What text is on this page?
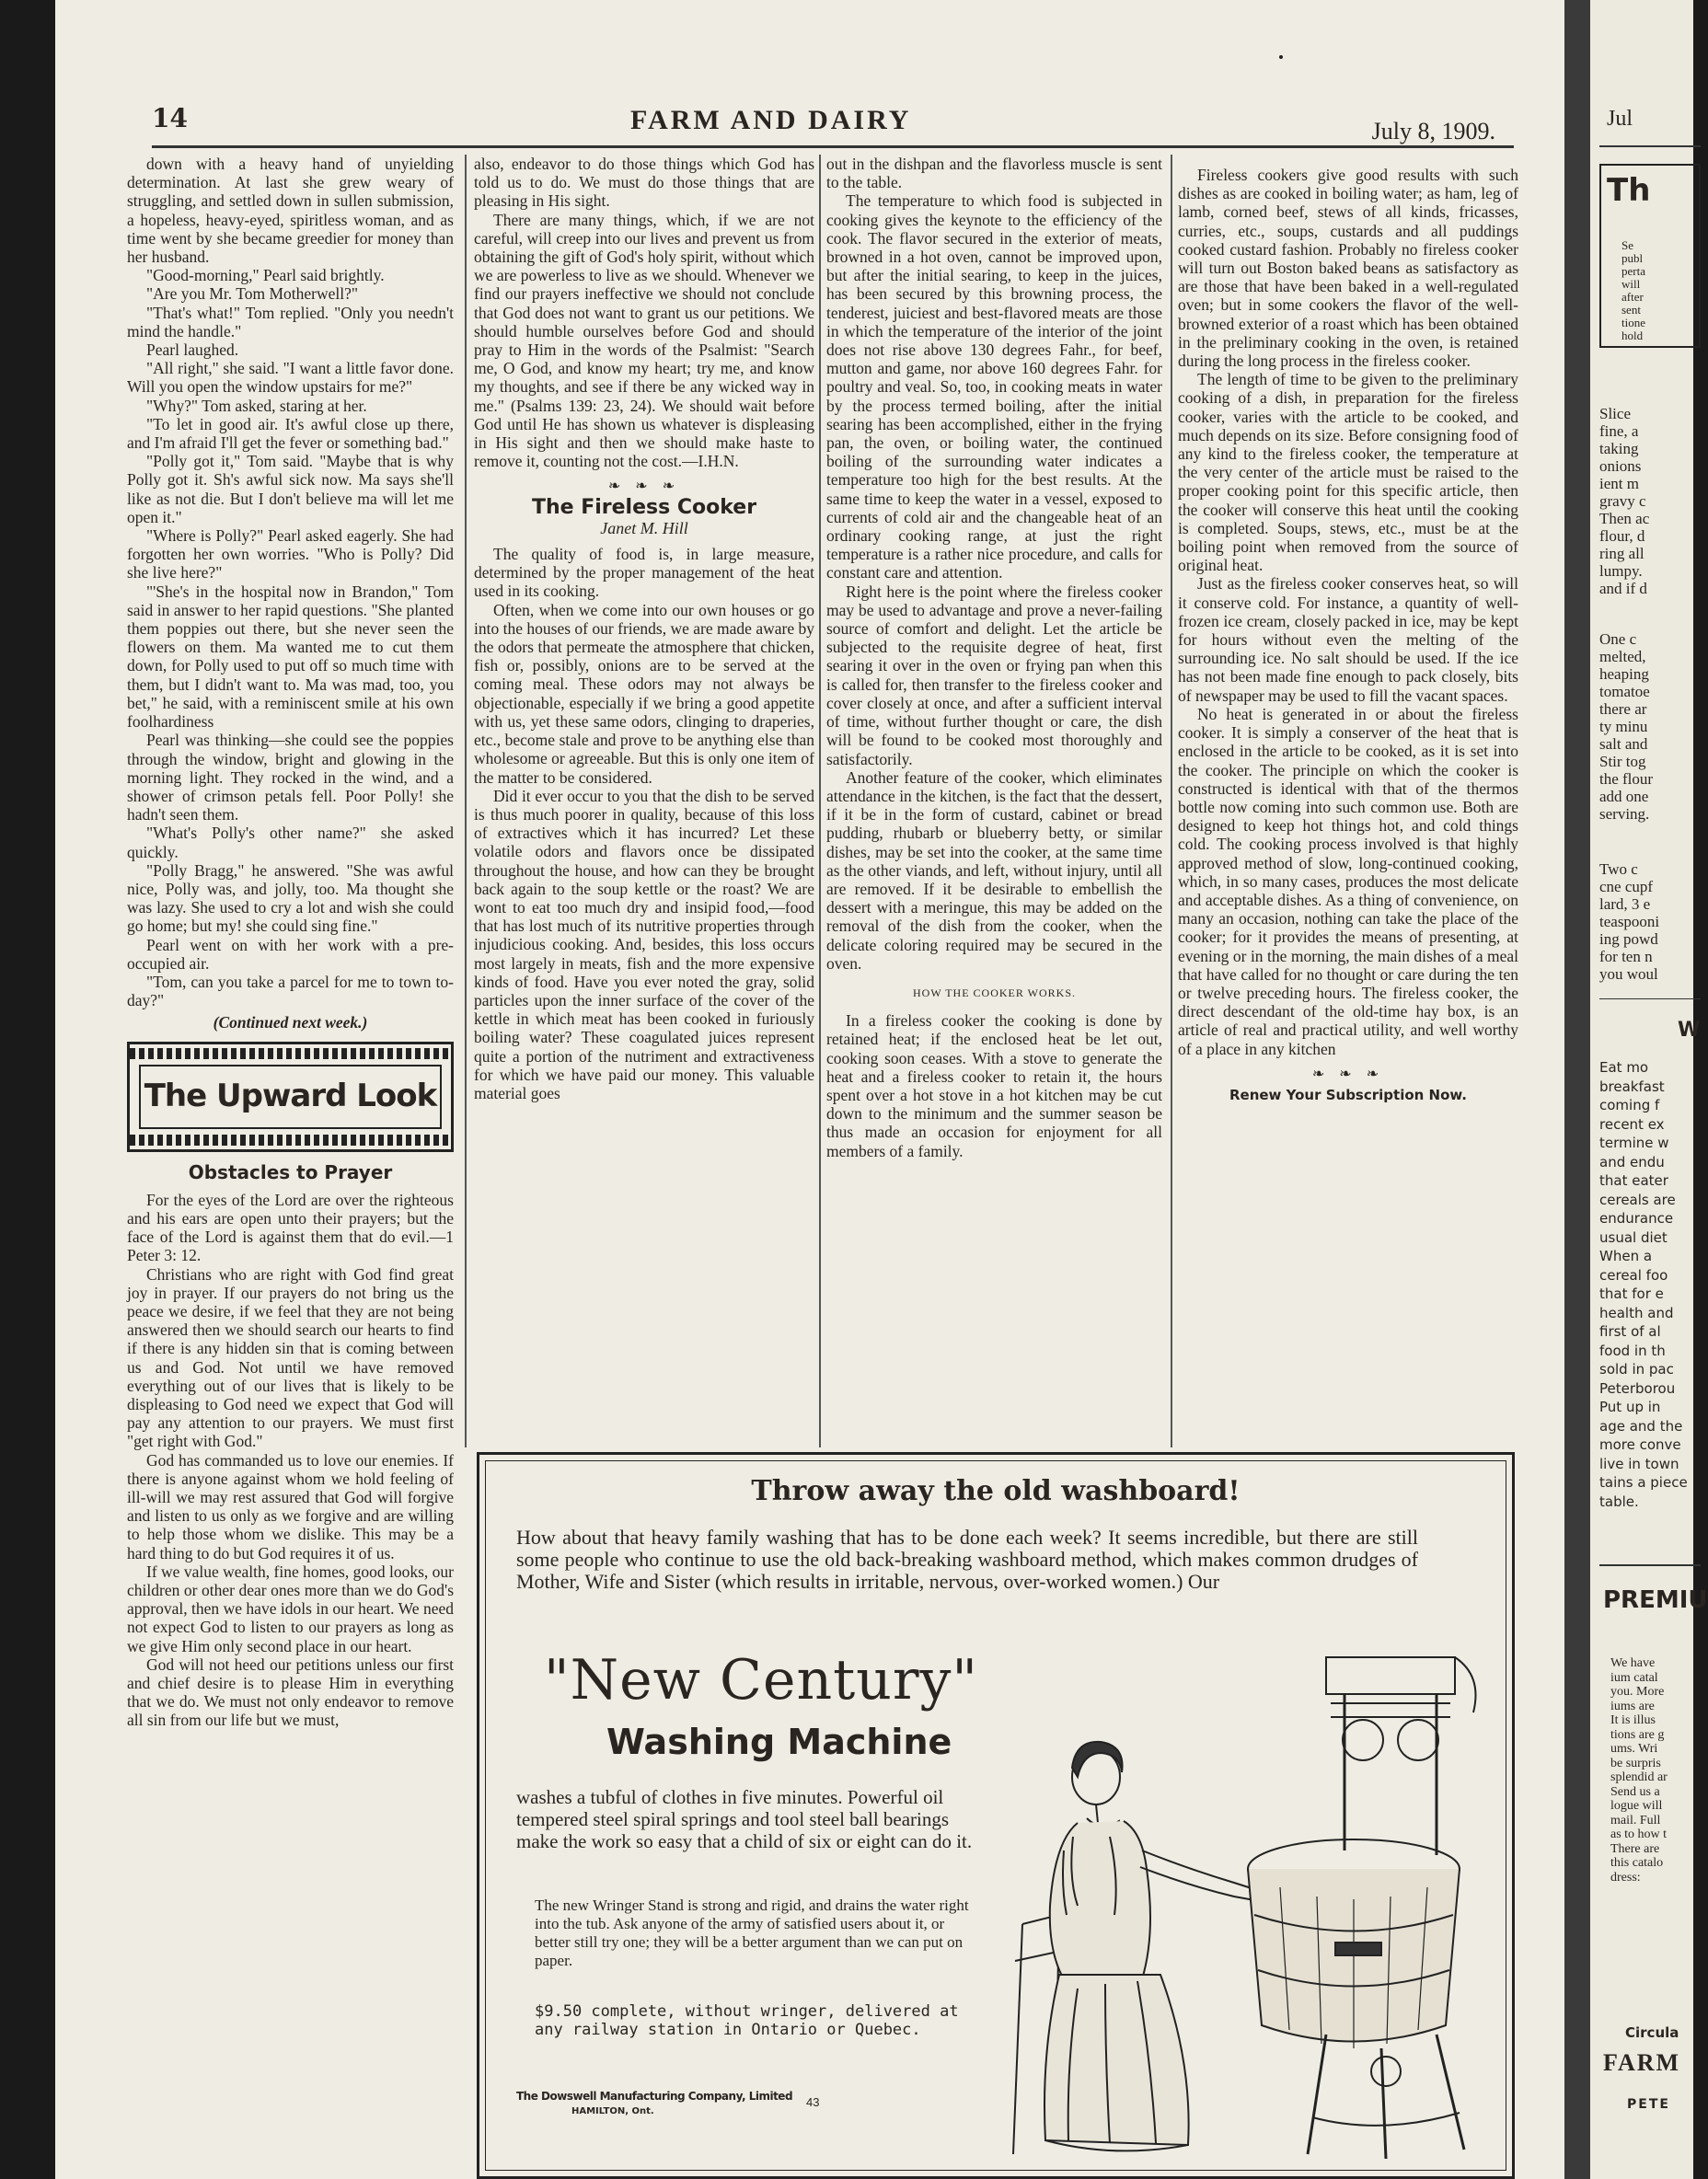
14	FARM AND DAIRY	July 8, 1909.

down with a heavy hand of unyielding determination. At last she grew weary of struggling, and settled down in sullen submission, a hopeless, heavy-eyed, spiritless woman, and as time went by she became greedier for money than her husband.

"Good-morning," Pearl said brightly.

"Are you Mr. Tom Motherwell?"

"That's what!" Tom replied. "Only you needn't mind the handle."

Pearl laughed.

"All right," she said. "I want a little favor done. Will you open the window upstairs for me?"

"Why?" Tom asked, staring at her.

"To let in good air. It's awful close up there, and I'm afraid I'll get the fever or something bad."

"Polly got it," Tom said. "Maybe that is why Polly got it. Sh's awful sick now. Ma says she'll like as not die. But I don't believe ma will let me open it."

"Where is Polly?" Pearl asked eagerly. She had forgotten her own worries. "Who is Polly? Did she live here?"

"'She's in the hospital now in Brandon," Tom said in answer to her rapid questions. "She planted them poppies out there, but she never seen the flowers on them. Ma wanted me to cut them down, for Polly used to put off so much time with them, but I didn't want to. Ma was mad, too, you bet," he said, with a reminiscent smile at his own foolhardiness

Pearl was thinking—she could see the poppies through the window, bright and glowing in the morning light. They rocked in the wind, and a shower of crimson petals fell. Poor Polly! she hadn't seen them.

"What's Polly's other name?" she asked quickly.

"Polly Bragg," he answered. "She was awful nice, Polly was, and jolly, too. Ma thought she was lazy. She used to cry a lot and wish she could go home; but my! she could sing fine."

Pearl went on with her work with a pre-occupied air.

"Tom, can you take a parcel for me to town to-day?"

(Continued next week.)

The Upward Look
Obstacles to Prayer

For the eyes of the Lord are over the righteous and his ears are open unto their prayers; but the face of the Lord is against them that do evil.—1 Peter 3: 12.

Christians who are right with God find great joy in prayer. If our prayers do not bring us the peace we desire, if we feel that they are not being answered then we should search our hearts to find if there is any hidden sin that is coming between us and God. Not until we have removed everything out of our lives that is likely to be displeasing to God need we expect that God will pay any attention to our prayers. We must first "get right with God."

God has commanded us to love our enemies. If there is anyone against whom we hold feeling of ill-will we may rest assured that God will forgive and listen to us only as we forgive and are willing to help those whom we dislike. This may be a hard thing to do but God requires it of us.

If we value wealth, fine homes, good looks, our children or other dear ones more than we do God's approval, then we have idols in our heart. We need not expect God to listen to our prayers as long as we give Him only second place in our heart.

God will not heed our petitions unless our first and chief desire is to please Him in everything that we do. We must not only endeavor to remove all sin from our life but we must,

also, endeavor to do those things which God has told us to do. We must do those things that are pleasing in His sight.

There are many things, which, if we are not careful, will creep into our lives and prevent us from obtaining the gift of God's holy spirit, without which we are powerless to live as we should. Whenever we find our prayers ineffective we should not conclude that God does not want to grant us our petitions. We should humble ourselves before God and should pray to Him in the words of the Psalmist: "Search me, O God, and know my heart; try me, and know my thoughts, and see if there be any wicked way in me." (Psalms 139: 23, 24). We should wait before God until He has shown us whatever is displeasing in His sight and then we should make haste to remove it, counting not the cost.—I.H.N.

❧ ❧ ❧
The Fireless Cooker
Janet M. Hill

The quality of food is, in large measure, determined by the proper management of the heat used in its cooking.

Often, when we come into our own houses or go into the houses of our friends, we are made aware by the odors that permeate the atmosphere that chicken, fish or, possibly, onions are to be served at the coming meal. These odors may not always be objectionable, especially if we bring a good appetite with us, yet these same odors, clinging to draperies, etc., become stale and prove to be anything else than wholesome or agreeable. But this is only one item of the matter to be considered.

Did it ever occur to you that the dish to be served is thus much poorer in quality, because of this loss of extractives which it has incurred? Let these volatile odors and flavors once be dissipated throughout the house, and how can they be brought back again to the soup kettle or the roast? We are wont to eat too much dry and insipid food,—food that has lost much of its nutritive properties through injudicious cooking. And, besides, this loss occurs most largely in meats, fish and the more expensive kinds of food. Have you ever noted the gray, solid particles upon the inner surface of the cover of the kettle in which meat has been cooked in furiously boiling water? These coagulated juices represent quite a portion of the nutriment and extractiveness for which we have paid our money. This valuable material goes

out in the dishpan and the flavorless muscle is sent to the table.

The temperature to which food is subjected in cooking gives the keynote to the efficiency of the cook. The flavor secured in the exterior of meats, browned in a hot oven, cannot be improved upon, but after the initial searing, to keep in the juices, has been secured by this browning process, the tenderest, juiciest and best-flavored meats are those in which the temperature of the interior of the joint does not rise above 130 degrees Fahr., for beef, mutton and game, nor above 160 degrees Fahr. for poultry and veal. So, too, in cooking meats in water by the process termed boiling, after the initial searing has been accomplished, either in the frying pan, the oven, or boiling water, the continued boiling of the surrounding water indicates a temperature too high for the best results. At the same time to keep the water in a vessel, exposed to currents of cold air and the changeable heat of an ordinary cooking range, at just the right temperature is a rather nice procedure, and calls for constant care and attention.

Right here is the point where the fireless cooker may be used to advantage and prove a never-failing source of comfort and delight. Let the article be subjected to the requisite degree of heat, first searing it over in the oven or frying pan when this is called for, then transfer to the fireless cooker and cover closely at once, and after a sufficient interval of time, without further thought or care, the dish will be found to be cooked most thoroughly and satisfactorily.

Another feature of the cooker, which eliminates attendance in the kitchen, is the fact that the dessert, if it be in the form of custard, cabinet or bread pudding, rhubarb or blueberry betty, or similar dishes, may be set into the cooker, at the same time as the other viands, and left, without injury, until all are removed. If it be desirable to embellish the dessert with a meringue, this may be added on the removal of the dish from the cooker, when the delicate coloring required may be secured in the oven.

HOW THE COOKER WORKS.

In a fireless cooker the cooking is done by retained heat; if the enclosed heat be let out, cooking soon ceases. With a stove to generate the heat and a fireless cooker to retain it, the hours spent over a hot stove in a hot kitchen may be cut down to the minimum and the summer season be thus made an occasion for enjoyment for all members of a family.

Fireless cookers give good results with such dishes as are cooked in boiling water; as ham, leg of lamb, corned beef, stews of all kinds, fricasses, curries, etc., soups, custards and all puddings cooked custard fashion. Probably no fireless cooker will turn out Boston baked beans as satisfactory as are those that have been baked in a well-regulated oven; but in some cookers the flavor of the well-browned exterior of a roast which has been obtained in the preliminary cooking in the oven, is retained during the long process in the fireless cooker.

The length of time to be given to the preliminary cooking of a dish, in preparation for the fireless cooker, varies with the article to be cooked, and much depends on its size. Before consigning food of any kind to the fireless cooker, the temperature at the very center of the article must be raised to the proper cooking point for this specific article, then the cooker will conserve this heat until the cooking is completed. Soups, stews, etc., must be at the boiling point when removed from the source of original heat.

Just as the fireless cooker conserves heat, so will it conserve cold. For instance, a quantity of well-frozen ice cream, closely packed in ice, may be kept for hours without even the melting of the surrounding ice. No salt should be used. If the ice has not been made fine enough to pack closely, bits of newspaper may be used to fill the vacant spaces.

No heat is generated in or about the fireless cooker. It is simply a conserver of the heat that is enclosed in the article to be cooked, as it is set into the cooker. The principle on which the cooker is constructed is identical with that of the thermos bottle now coming into such common use. Both are designed to keep hot things hot, and cold things cold. The cooking process involved is that highly approved method of slow, long-continued cooking, which, in so many cases, produces the most delicate and acceptable dishes. As a thing of convenience, on many an occasion, nothing can take the place of the cooker; for it provides the means of presenting, at evening or in the morning, the main dishes of a meal that have called for no thought or care during the ten or twelve preceding hours. The fireless cooker, the direct descendant of the old-time hay box, is an article of real and practical utility, and well worthy of a place in any kitchen

❧ ❧ ❧
Renew Your Subscription Now.
Throw away the old washboard!
How about that heavy family washing that has to be done each week? It seems incredible, but there are still some people who continue to use the old back-breaking washboard method, which makes common drudges of Mother, Wife and Sister (which results in irritable, nervous, over-worked women.) Our
"New Century"
Washing Machine
washes a tubful of clothes in five minutes. Powerful oil tempered steel spiral springs and tool steel ball bearings make the work so easy that a child of six or eight can do it.
The new Wringer Stand is strong and rigid, and drains the water right into the tub. Ask anyone of the army of satisfied users about it, or better still try one; they will be a better argument than we can put on paper.
$9.50 complete, without wringer, delivered at any railway station in Ontario or Quebec.
The Dowswell Manufacturing Company, Limited
HAMILTON, Ont.
43
Jul
Th
Se
publ
perta
will
after
sent
tione
hold
Slice
fine, a
taking
onions
ient m
gravy c
Then ac
flour, d
ring all
lumpy.
and if d
One c
melted,
heaping
tomatoe
there ar
ty minu
salt and
Stir tog
the flour
add one
serving.
Two c
cne cupf
lard, 3 e
teaspooni
ing powd
for ten n
you woul
W
Eat mo
breakfast
coming f
recent ex
termine w
and endu
that eater
cereals are
endurance
usual diet
When a
cereal foo
that for e
health and
first of al
food in th
sold in pac
Peterborou
Put up in
age and the
more conve
live in town
tains a piece
table.
PREMIU
We have
ium catal
you. More
iums are
It is illus
tions are g
ums. Wri
be surpris
splendid ar
Send us a
logue will
mail. Full
as to how t
There are
this catalo
dress:
Circula
FARM
PETE
